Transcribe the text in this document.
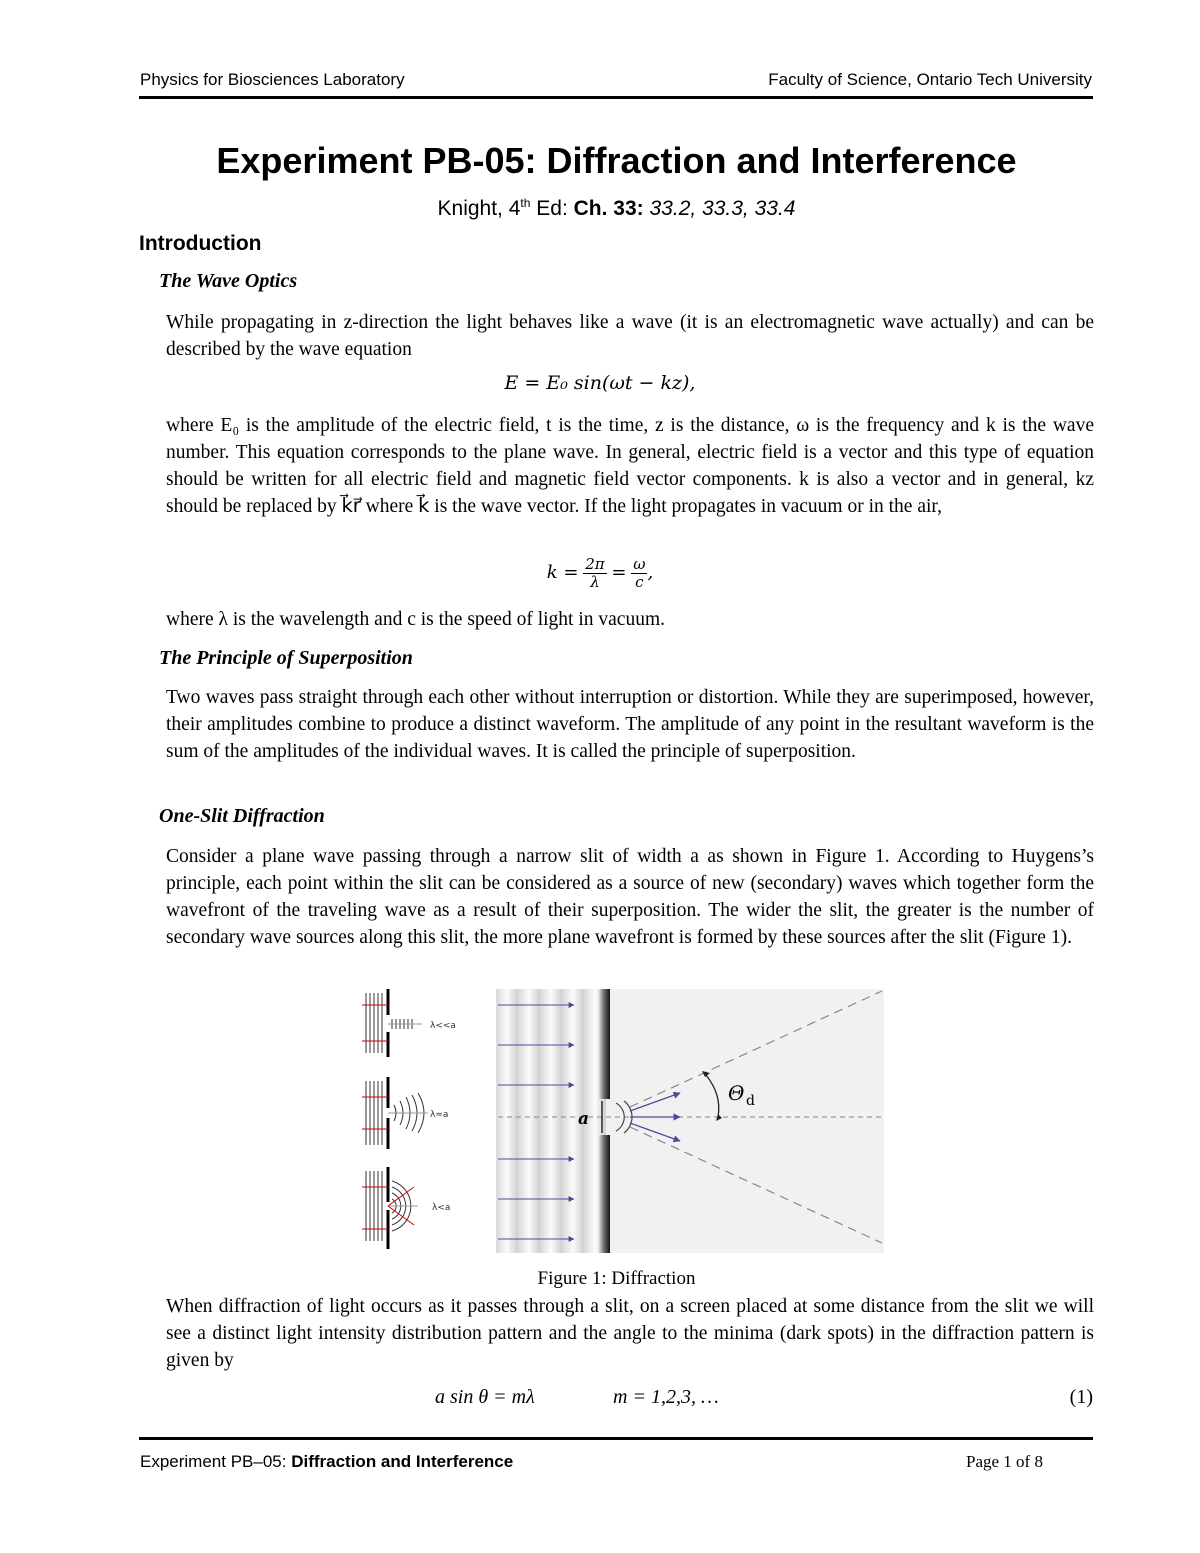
Physics for Biosciences Laboratory	Faculty of Science, Ontario Tech University
Experiment PB-05: Diffraction and Interference
Knight, 4th Ed: Ch. 33: 33.2, 33.3, 33.4
Introduction
The Wave Optics
While propagating in z-direction the light behaves like a wave (it is an electromagnetic wave actually) and can be described by the wave equation
E = E₀ sin(ωt − kz),
where E₀ is the amplitude of the electric field, t is the time, z is the distance, ω is the frequency and k is the wave number. This equation corresponds to the plane wave. In general, electric field is a vector and this type of equation should be written for all electric field and magnetic field vector components. k is also a vector and in general, kz should be replaced by k⃗r⃗ where k⃗ is the wave vector. If the light propagates in vacuum or in the air,
$k = \frac{2\pi}{\lambda} = \frac{\omega}{c}$ ,
where λ is the wavelength and c is the speed of light in vacuum.
The Principle of Superposition
Two waves pass straight through each other without interruption or distortion. While they are superimposed, however, their amplitudes combine to produce a distinct waveform. The amplitude of any point in the resultant waveform is the sum of the amplitudes of the individual waves. It is called the principle of superposition.
One-Slit Diffraction
Consider a plane wave passing through a narrow slit of width a as shown in Figure 1. According to Huygens’s principle, each point within the slit can be considered as a source of new (secondary) waves which together form the wavefront of the traveling wave as a result of their superposition. The wider the slit, the greater is the number of secondary wave sources along this slit, the more plane wavefront is formed by these sources after the slit (Figure 1).
λ<<a
λ≈a
λ<a
a
Θ d
Figure 1: Diffraction
When diffraction of light occurs as it passes through a slit, on a screen placed at some distance from the slit we will see a distinct light intensity distribution pattern and the angle to the minima (dark spots) in the diffraction pattern is given by
a sin θ = mλ	m = 1,2,3, …	(1)
Experiment PB–05: Diffraction and Interference	Page 1 of 8
